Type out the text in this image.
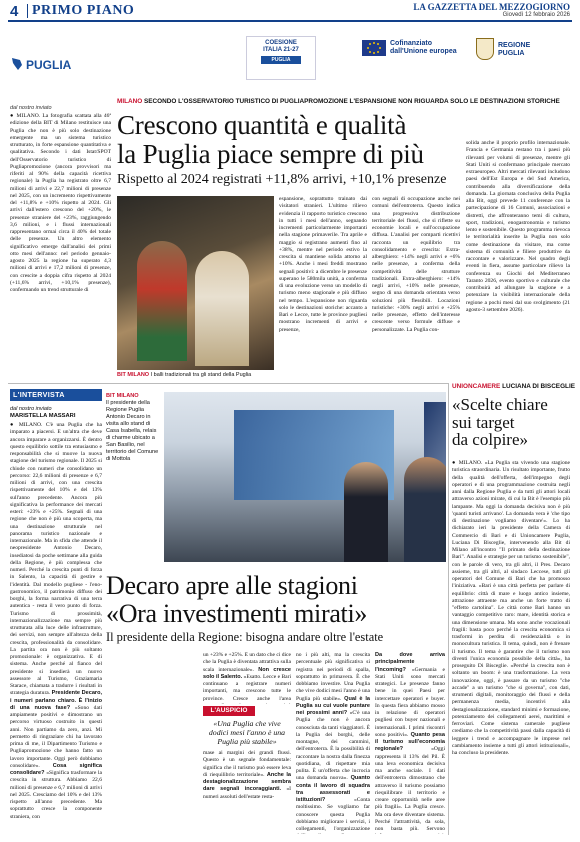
4 PRIMO PIANO	LA GAZZETTA DEL MEZZOGIORNO
Giovedì 12 febbraio 2026
PUGLIA
COESIONE
ITALIA 21-27
PUGLIA
Cofinanziato
dall'Unione europea
REGIONE
PUGLIA
MILANO SECONDO L'OSSERVATORIO TURISTICO DI PUGLIAPROMOZIONE L'ESPANSIONE NON RIGUARDA SOLO LE DESTINAZIONI STORICHE
Crescono quantità e qualità
la Puglia piace sempre di più
Rispetto al 2024 registrati +11,8% arrivi, +10,1% presenze
dal nostro inviato
● MILANO. La fotografia scattata alla 46ª edizione della BIT di Milano restituisce una Puglia che non è più solo destinazione emergente ma un sistema turistico strutturato, in forte espansione quantitativa e qualitativa. Secondo i dati Istat/SPOT dell'Osservatorio turistico di Pugliapromozione (ancora provvisori ma riferiti al 90% della capacità ricettiva regionale) la Puglia ha registrato oltre 6,7 milioni di arrivi e 22,7 milioni di presenze nel 2025, con un incremento rispettivamente del +11,8% e +10% rispetto al 2024. Gli arrivi dall'estero crescono del +20%, le presenze straniere del +23%, raggiungendo 3,6 milioni, e i flussi internazionali rappresentano ormai circa il 40% del totale delle presenze. Un altro elemento significativo emerge dall'analisi dei primi otto mesi dell'anno: nel periodo gennaio-agosto 2025 la regione ha superato 4,3 milioni di arrivi e 17,2 milioni di presenze, con crescite a doppia cifra rispetto al 2024 (+11,6% arrivi, +10,1% presenze), confermando un trend strutturale di
BIT MILANO I balli tradizionali tra gli stand della Puglia
espansione, soprattutto trainato dai visitatori stranieri. L'ultimo rilievo evidenzia il rapporto turistico crescono in tutti i mesi dell'anno, segnando incrementi particolarmente importanti nella stagione primaverile. Tra aprile e maggio si registrano aumenti fino al +38%, mentre nel periodo estivo la crescita si mantiene solida attorno al +10%. Anche i mesi freddi mostrano segnali positivi: a dicembre le presenze superano le 580mila unità, a conferma di una evoluzione verso un modello di turismo meno stagionale e più diffuso nel tempo. L'espansione non riguarda solo le destinazioni storiche: accanto a Bari e Lecce, tutte le province pugliesi mostrano incrementi di arrivi e presenze,
con segnali di occupazione anche nei comuni dell'entroterra. Questo indica una progressiva distribuzione territoriale dei flussi, che si riflette su economie locali e sull'occupazione diffusa. L'analisi per comparti ricettivi racconta un equilibrio tra consolidamento e crescita: Extra-alberghiero: +14% negli arrivi e +6% nelle presenze, a conferma della competitività delle strutture tradizionali. Extra-alberghiero: +14% negli arrivi, +10% nelle presenze, segno di una domanda orientata verso soluzioni più flessibili. Locazioni turistiche: +30% negli arrivi e +25% nelle presenze, effetto dell'interesse crescente verso formule diffuse e personalizzate. La Puglia con-
solida anche il proprio profilo internazionale. Francia e Germania restano tra i paesi più rilevanti per volumi di presenze, mentre gli Stati Uniti si confermano principale mercato extraeuropeo. Altri mercati rilevanti includono paesi dell'Est Europa e del Sud America, contribuendo alla diversificazione della domanda. La giornata conclusiva della Puglia alla Bit, oggi prevede 11 conferenze con la partecipazione di 16 Comuni, associazioni e distretti, che affronteranno temi di cultura, sport, tradizioni, enogastronomia e turismo lento e sostenibile. Questo programma rievoca le territorialità inserite la Puglia non solo come destinazione da visitare, ma come sistema di comunità e filiere produttive da raccontare e valorizzare. Nel quadro degli eventi in fiera, assume particolare rilievo la conferenza su Giochi del Mediterraneo Taranto 2026, evento sportivo e culturale che contribuirà ad allungare la stagione e a potenziare la visibilità internazionale della regione a pochi mesi dal suo svolgimento (21 agosto-3 settembre 2026).
L'INTERVISTA
dal nostro inviato
MARISTELLA MASSARI
● MILANO. C'è una Puglia che ha imparato a piacersi. E un'altra che deve ancora imparare a organizzarsi. È dentro questo equilibrio sottile tra entusiasmo e responsabilità che si muove la nuova stagione del turismo regionale. Il 2025 si chiude con numeri che consolidano un percorso: 22,6 milioni di presenze e 6,7 milioni di arrivi, con una crescita rispettivamente del 10% e del 13% sull'anno precedente. Ancora più significativa la performance dei mercati esteri: +23% e +25%. Segnali di una regione che non è più una scoperta, ma una destinazione strutturale nel panorama turistico nazionale e internazionale. Ma in sfida che attende il neopresidente Antonio Decaro, insediatosi da poche settimane alla guida della Regione, è più complessa che numeri. Perché la crescita punti di forza in Salento, la capacità di gestire e l'identità. Dal modello pugliese - l'eno-gastronomico, il patrimonio diffuso dei borghi, la forma narrativa di una terra autentica - resta il vero punto di forza. Turismo di prossimità, internazionalizzazione ma sempre più strutturata alla luce delle infrastrutture, dei servizi, non sempre all'altezza della crescita, professionalità da consolidare. La partita ora non è più soltanto promozionale: è organizzativa. E di sistema. Anche perché al fianco del presidente si insedierà un nuovo assessore al Turismo, Graziamaria Starace, chiamata a tradurre i risultati in strategia duratura. Presidente Decaro, i numeri parlano chiaro. È l'inizio di una nuova fase? «Sono dati ampiamente positivi e dimostrano un percorso virtuoso costruito in questi anni. Non partiamo da zero, anzi. Mi permetto di ringraziare chi ha lavorato prima di me, il Dipartimento Turismo e Pugliapromozione che hanno fatto un lavoro importante. Oggi però dobbiamo consolidare». Cosa significa consolidare? «Significa trasformare la crescita in struttura. Abbiamo 22,6 milioni di presenze e 6,7 milioni di arrivi nel 2025. Cresciamo del 10% e del 13% rispetto all'anno precedente. Ma soprattutto cresce la componente straniera, con
BIT MILANO
Il presidente della Regione Puglia Antonio Decaro in visita allo stand di Casa Isabella, relais di charme ubicato a San Basilio, nel territorio del Comune di Mottola
Decaro apre alle stagioni
«Ora investimenti mirati»
Il presidente della Regione: bisogna andare oltre l'estate
un +23% e +25%. È un dato che ci dice che la Puglia è diventata attrattiva sulla scala internazionale». Non cresce solo il Salento. «Esatto. Lecce e Bari continuano a registrare numeri importanti, ma crescono tutte le province. Cresce anche l'area
L'AUSPICIO
«Una Puglia che vive dodici mesi l'anno è una Puglia più stabile»
mase ai margini dei grandi flussi. Questo è un segnale fondamentale: significa che il turismo può essere leva di riequilibrio territoriale». Anche la destagionalizzazione sembra dare segnali incoraggianti. «I numeri assoluti dell'estate resta-
no i più alti, ma la crescita percentuale più significativa si registra nei periodi di spalla, soprattutto in primavera. È che dobbiamo investire. Una Puglia che vive dodici mesi l'anno è una Puglia più stabile». Qual è la Puglia su cui vuole puntare nei prossimi anni? «C'è una Puglia che non è ancora conosciuta da tanti viaggiatori. È la Puglia dei borghi, delle montagne, dei cammini, dell'entroterra. È la possibilità di raccontare la nostra dalla finezza quotidiana, di rispettare mia pulita. È un'offerta che incrocia una domanda nuova». Quanto conta il lavoro di squadra tra assessorati e istituzioni?	«Conta moltissimo. Se vogliamo far conoscere questa Puglia dobbiamo migliorare i servizi, i collegamenti, l'organizzazione
Da dove arriva principalmente l'incoming? «Germania e Stati Uniti sono mercati strategici. Le presenze fanno bene in quei Paesi per intercettare operatori e buyer. In questa fiera abbiamo mosso in relazione di operatori pugliesi con buyer nazionali e internazionali. I primi riscontri sono positivi». Quanto pesa il turismo sull'economia regionale?	«Oggi rappresenta il 13% del Pil. È una leva economica decisiva ma anche sociale. I dati dell'entroterra dimostrano che attraverso il turismo possiamo riequilibrare il territorio e creare opportunità nelle aree più fragili». La Puglia cresce. Ma ora deve diventare sistema. Perché l'attrattività, da sola, non basta più. Servono
UNIONCAMERE LUCIANA DI BISCEGLIE
«Scelte chiare
sui target
da colpire»
● MILANO. «La Puglia sta vivendo una stagione turistica straordinaria. Un risultato importante, frutto della qualità dell'offerta, dell'impegno degli operatori e di una programmazione costruita negli anni dalla Regione Puglia e da tutti gli attori locali attraverso azioni mirate, di cui la Bit è l'esempio più lampante. Ma oggi la domanda decisiva non è più 'quanti turisti arrivano'. La domanda vera è 'che tipo di destinazione vogliamo diventare'». Lo ha dichiarato ieri la presidente della Camera di Commercio di Bari e di Unioncamere Puglia, Luciana Di Bisceglie, intervenendo alla Bit di Milano all'incontro "Il primato della destinazione Bari". Analisi e strategie per un turismo sostenibile", con le parole di vero, tra gli altri, il Pres. Decaro assieme, tra gli altri, al sindaco Leccese, tutti gli operatori del Comune di Bari che ha promosso l'iniziativa. «Bari è una città perfetta per parlare di equilibrio: città di mare e luogo antico insieme, attrazione attraente ma anche un forte tratto di "effetto cartolina". Le città come Bari hanno un vantaggio competitivo raro: mare, identità storica e una dimensione umana. Ma sono anche vocazionali fragili: basta poco perché la crescita economica si trasformi in perdita di residenzialità o in monocultura turistica. Il tema, quindi, non è frenare il turismo. Il tema è garantire che il turismo non diventi l'unica economia possibile della città», ha proseguito Di Bisceglie. «Perché la crescita non è soltanto un boom: è una trasformazione. La vera innovazione, oggi, è passare da un turismo "che accade" a un turismo "che si governa", con dati, strumenti digitali, monitoraggio dei flussi e della permanenza media, incentivi alla destagionalizzazione, standard minimi e formazione, potenziamento dei collegamenti aerei, marittimi e ferroviari. Come sistema camerale pugliese crediamo che la competitività passi dalla capacità di leggere i trend e accompagnare le imprese nel cambiamento insieme a tutti gli attori istituzionali», ha concluso la presidente.
